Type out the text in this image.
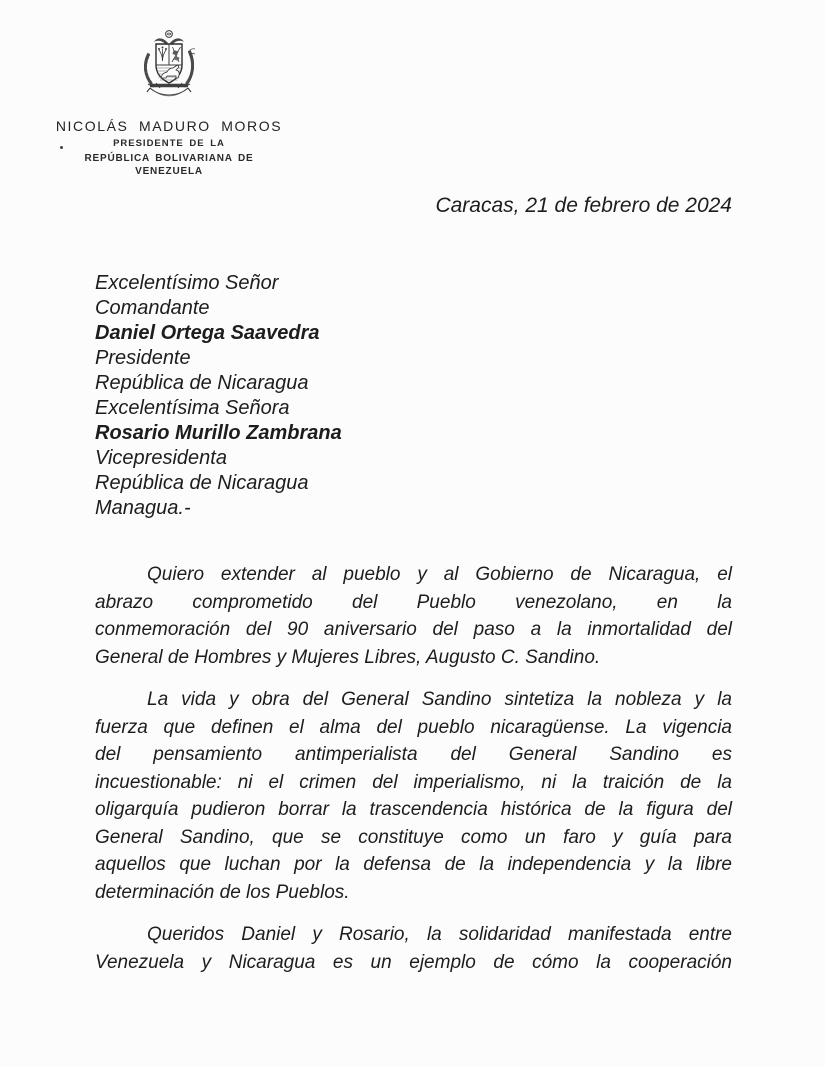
NICOLÁS MADURO MOROS
PRESIDENTE DE LA
REPÚBLICA BOLIVARIANA DE VENEZUELA
Caracas, 21 de febrero de 2024
Excelentísimo Señor
Comandante
Daniel Ortega Saavedra
Presidente
República de Nicaragua
Excelentísima Señora
Rosario Murillo Zambrana
Vicepresidenta
República de Nicaragua
Managua.-
Quiero extender al pueblo y al Gobierno de Nicaragua, el
abrazo comprometido del Pueblo venezolano, en la
conmemoración del 90 aniversario del paso a la inmortalidad del
General de Hombres y Mujeres Libres, Augusto C. Sandino.
La vida y obra del General Sandino sintetiza la nobleza y la
fuerza que definen el alma del pueblo nicaragüense. La vigencia
del pensamiento antimperialista del General Sandino es
incuestionable: ni el crimen del imperialismo, ni la traición de la
oligarquía pudieron borrar la trascendencia histórica de la figura del
General Sandino, que se constituye como un faro y guía para
aquellos que luchan por la defensa de la independencia y la libre
determinación de los Pueblos.
Queridos Daniel y Rosario, la solidaridad manifestada entre
Venezuela y Nicaragua es un ejemplo de cómo la cooperación
